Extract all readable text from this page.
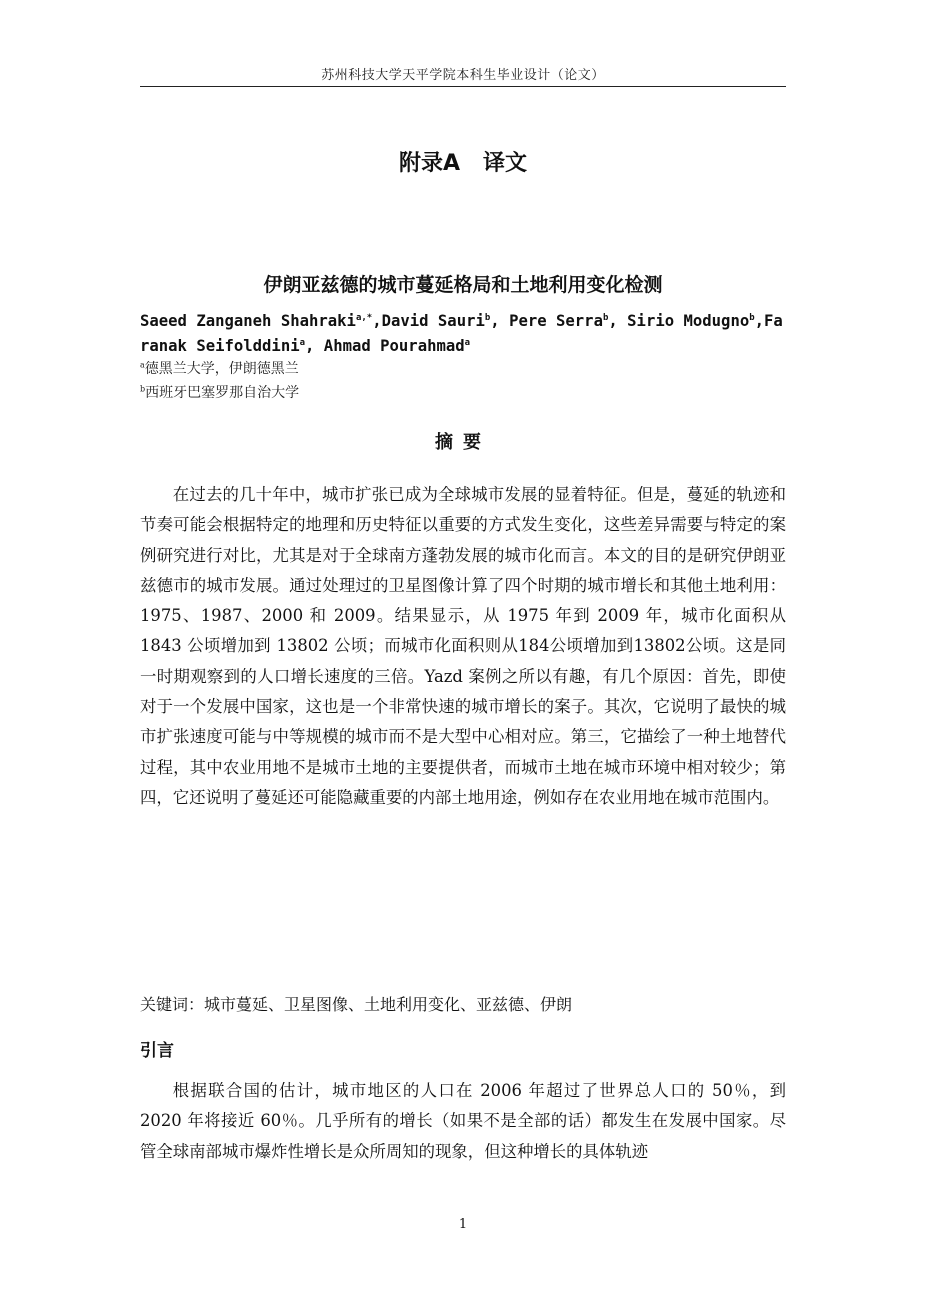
苏州科技大学天平学院本科生毕业设计（论文）
附录A   译文
伊朗亚兹德的城市蔓延格局和土地利用变化检测
Saeed Zanganeh Shahraki$^{a,*}$,David Sauri$^b$, Pere Serra$^b$, Sirio Modugno$^b$,Fa
ranak Seifolddini$^a$, Ahmad Pourahmad$^a$
$^a$德黑兰大学，伊朗德黑兰
$^b$西班牙巴塞罗那自治大学
摘要
在过去的几十年中，城市扩张已成为全球城市发展的显着特征。但是，蔓延的轨迹和节奏可能会根据特定的地理和历史特征以重要的方式发生变化，这些差异需要与特定的案例研究进行对比，尤其是对于全球南方蓬勃发展的城市化而言。本文的目的是研究伊朗亚兹德市的城市发展。通过处理过的卫星图像计算了四个时期的城市增长和其他土地利用：1975、1987、2000 和 2009。结果显示，从 1975 年到 2009 年，城市化面积从 1843 公顷增加到 13802 公顷；而城市化面积则从184公顷增加到13802公顷。这是同一时期观察到的人口增长速度的三倍。Yazd 案例之所以有趣，有几个原因：首先，即使对于一个发展中国家，这也是一个非常快速的城市增长的案子。其次，它说明了最快的城市扩张速度可能与中等规模的城市而不是大型中心相对应。第三，它描绘了一种土地替代过程，其中农业用地不是城市土地的主要提供者，而城市土地在城市环境中相对较少；第四，它还说明了蔓延还可能隐藏重要的内部土地用途，例如存在农业用地在城市范围内。
关键词：城市蔓延、卫星图像、土地利用变化、亚兹德、伊朗
引言
根据联合国的估计，城市地区的人口在 2006 年超过了世界总人口的 50％，到 2020 年将接近 60％。几乎所有的增长（如果不是全部的话）都发生在发展中国家。尽管全球南部城市爆炸性增长是众所周知的现象，但这种增长的具体轨迹
1
